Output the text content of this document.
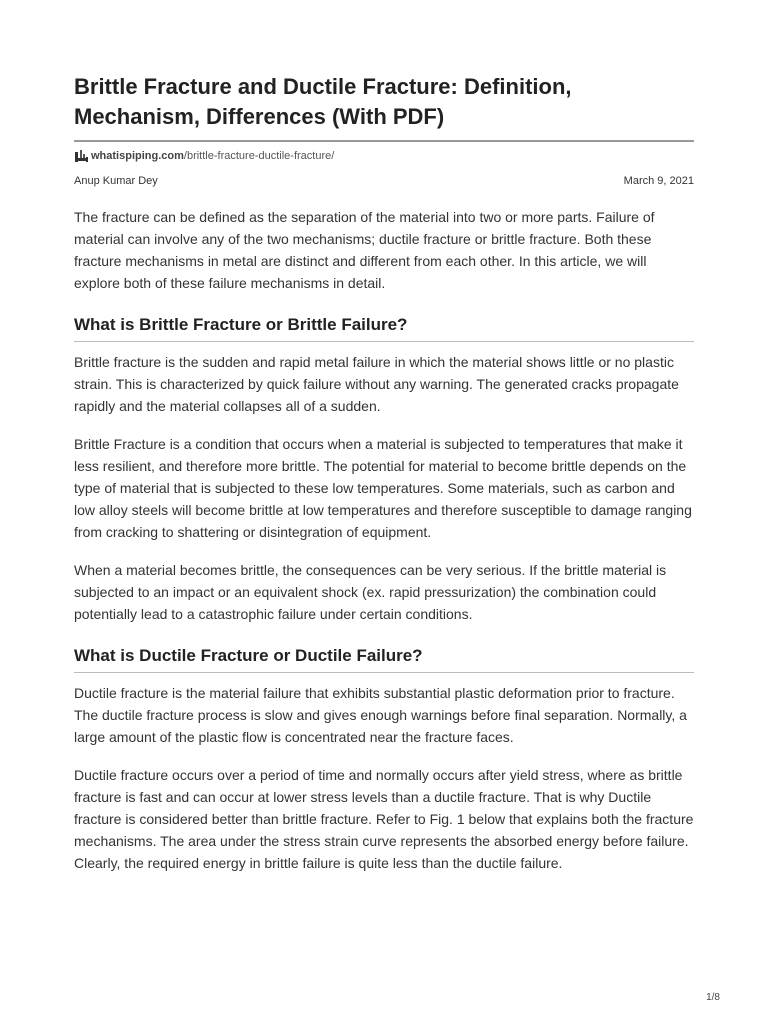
Brittle Fracture and Ductile Fracture: Definition,
Mechanism, Differences (With PDF)
whatispiping.com /brittle-fracture-ductile-fracture/
Anup Kumar Dey	March 9, 2021

The fracture can be defined as the separation of the material into two or more parts. Failure of material can involve any of the two mechanisms; ductile fracture or brittle fracture. Both these fracture mechanisms in metal are distinct and different from each other. In this article, we will explore both of these failure mechanisms in detail.

What is Brittle Fracture or Brittle Failure?

Brittle fracture is the sudden and rapid metal failure in which the material shows little or no plastic strain. This is characterized by quick failure without any warning. The generated cracks propagate rapidly and the material collapses all of a sudden.

Brittle Fracture is a condition that occurs when a material is subjected to temperatures that make it less resilient, and therefore more brittle. The potential for material to become brittle depends on the type of material that is subjected to these low temperatures. Some materials, such as carbon and low alloy steels will become brittle at low temperatures and therefore susceptible to damage ranging from cracking to shattering or disintegration of equipment.

When a material becomes brittle, the consequences can be very serious. If the brittle material is subjected to an impact or an equivalent shock (ex. rapid pressurization) the combination could potentially lead to a catastrophic failure under certain conditions.

What is Ductile Fracture or Ductile Failure?

Ductile fracture is the material failure that exhibits substantial plastic deformation prior to fracture. The ductile fracture process is slow and gives enough warnings before final separation. Normally, a large amount of the plastic flow is concentrated near the fracture faces.

Ductile fracture occurs over a period of time and normally occurs after yield stress, where as brittle fracture is fast and can occur at lower stress levels than a ductile fracture. That is why Ductile fracture is considered better than brittle fracture. Refer to Fig. 1 below that explains both the fracture mechanisms. The area under the stress strain curve represents the absorbed energy before failure. Clearly, the required energy in brittle failure is quite less than the ductile failure.

1/8
